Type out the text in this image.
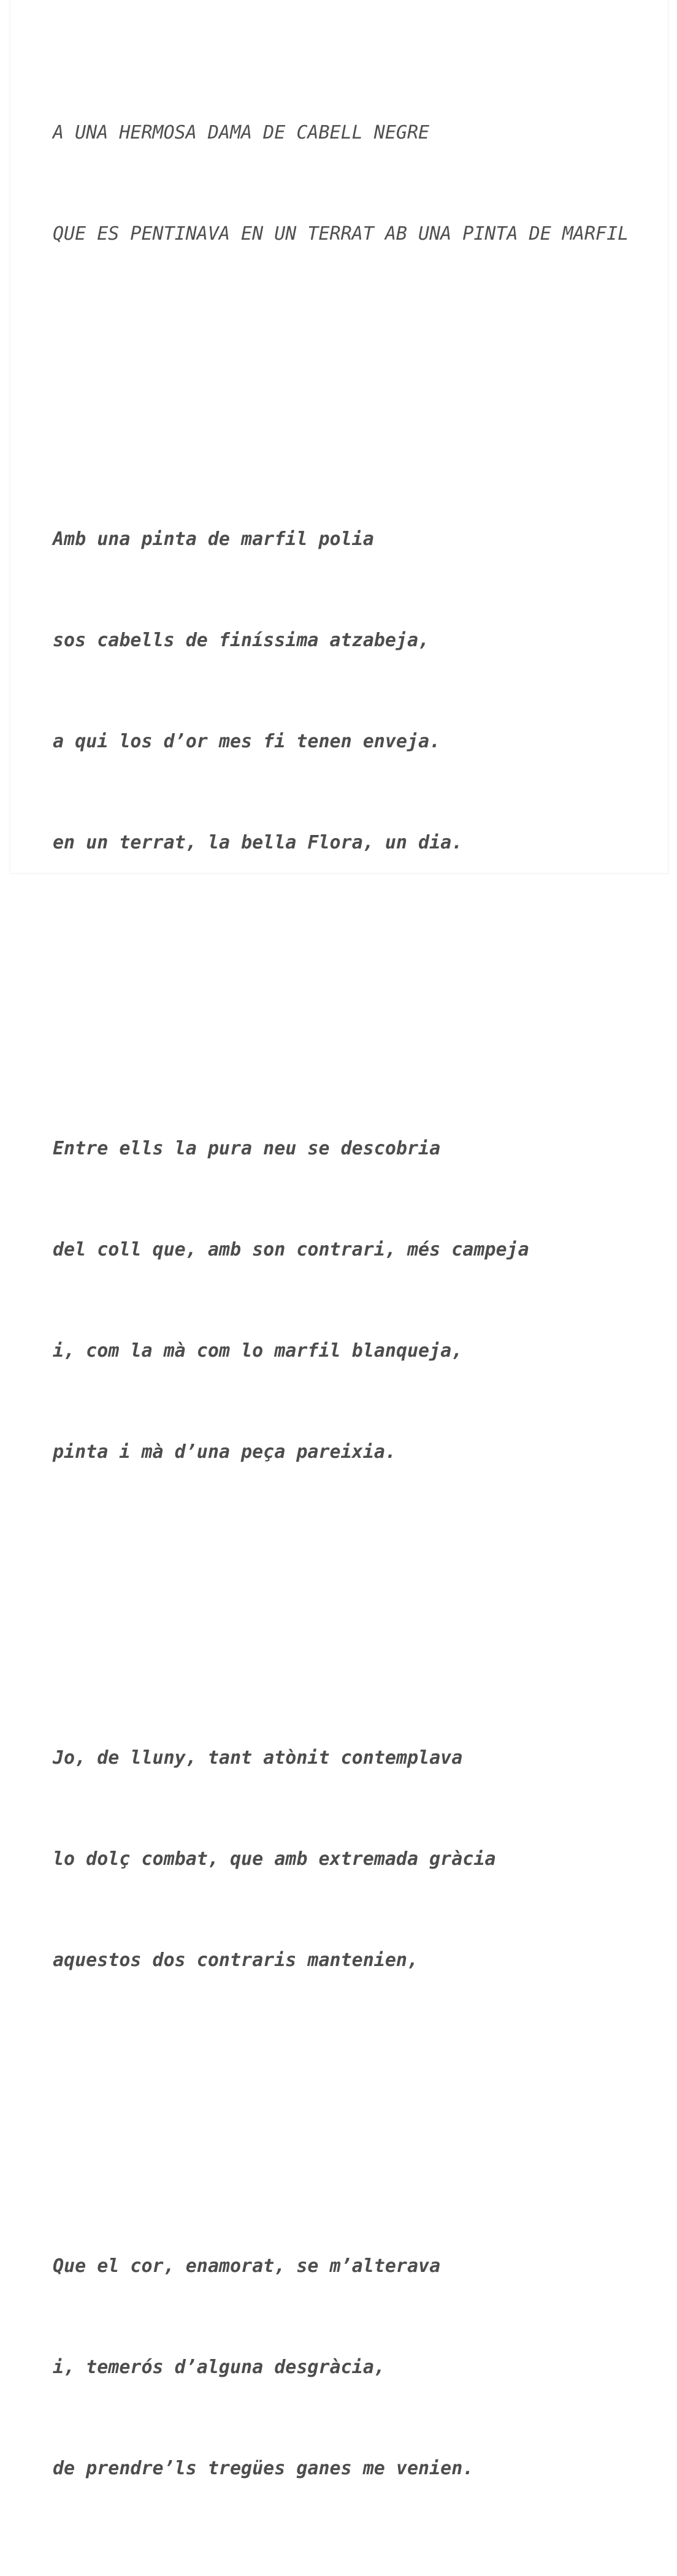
A UNA HERMOSA DAMA DE CABELL NEGRE

QUE ES PENTINAVA EN UN TERRAT AB UNA PINTA DE MARFIL

Amb una pinta de marfil polia

sos cabells de finíssima atzabeja,

a qui los d’or mes fi tenen enveja.

en un terrat, la bella Flora, un dia.

Entre ells la pura neu se descobria

del coll que, amb son contrari, més campeja

i, com la mà com lo marfil blanqueja,

pinta i mà d’una peça pareixia.

Jo, de lluny, tant atònit contemplava

lo dolç combat, que amb extremada gràcia

aquestos dos contraris mantenien,

Que el cor, enamorat, se m’alterava

i, temerós d’alguna desgràcia,

de prendre’ls tregües ganes me venien.
